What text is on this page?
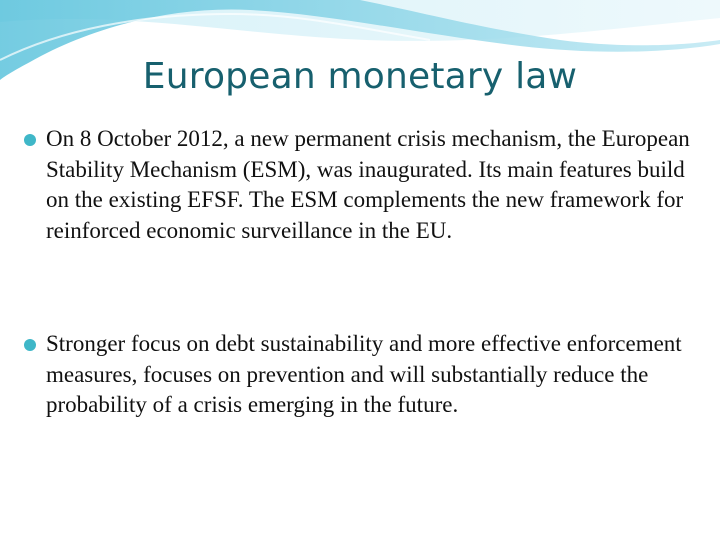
European monetary law
On 8 October 2012, a new permanent crisis mechanism, the European Stability Mechanism (ESM), was inaugurated. Its main features build on the existing EFSF. The ESM complements the new framework for reinforced economic surveillance in the EU.
Stronger focus on debt sustainability and more effective enforcement measures, focuses on prevention and will substantially reduce the probability of a crisis emerging in the future.
